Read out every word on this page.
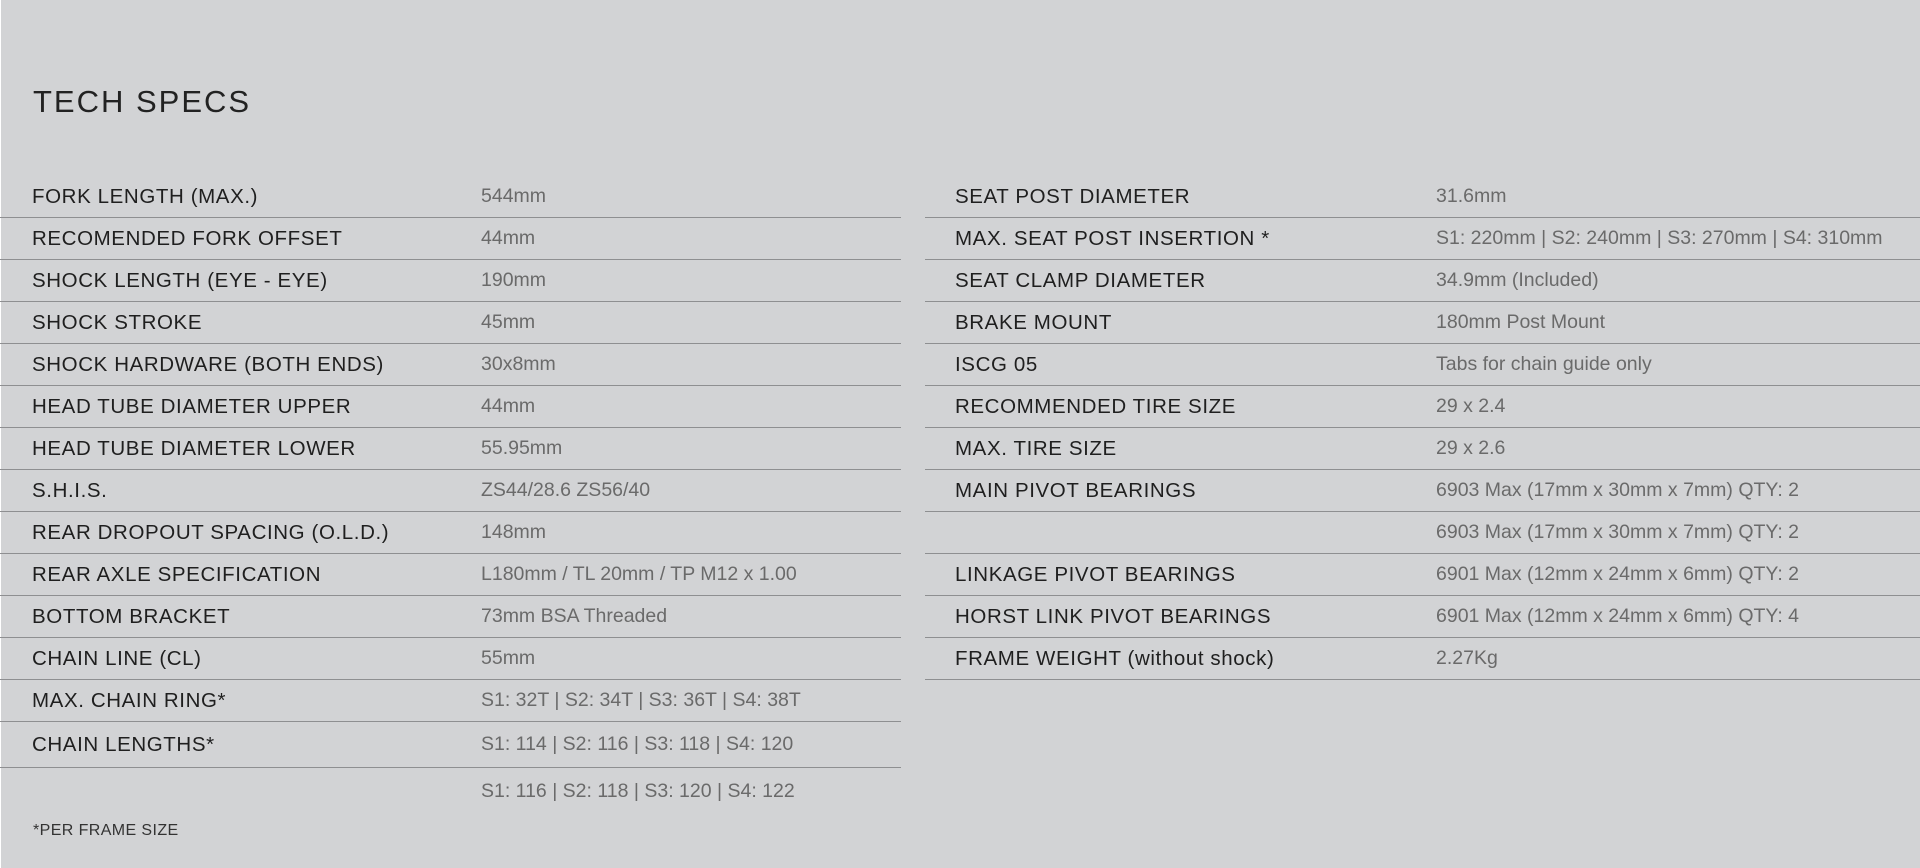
TECH SPECS
FORK LENGTH (MAX.)	544mm
RECOMENDED FORK OFFSET	44mm
SHOCK LENGTH (EYE - EYE)	190mm
SHOCK STROKE	45mm
SHOCK HARDWARE (BOTH ENDS)	30x8mm
HEAD TUBE DIAMETER UPPER	44mm
HEAD TUBE DIAMETER LOWER	55.95mm
S.H.I.S.	ZS44/28.6 ZS56/40
REAR DROPOUT SPACING (O.L.D.)	148mm
REAR AXLE SPECIFICATION	L180mm / TL 20mm / TP M12 x 1.00
BOTTOM BRACKET	73mm BSA Threaded
CHAIN LINE (CL)	55mm
MAX. CHAIN RING*	S1: 32T | S2: 34T | S3: 36T | S4: 38T
CHAIN LENGTHS*	S1: 114 | S2: 116 | S3: 118 | S4: 120
S1: 116 | S2: 118 | S3: 120 | S4: 122
SEAT POST DIAMETER	31.6mm
MAX. SEAT POST INSERTION *	S1: 220mm | S2: 240mm | S3: 270mm | S4: 310mm
SEAT CLAMP DIAMETER	34.9mm (Included)
BRAKE MOUNT	180mm Post Mount
ISCG 05	Tabs for chain guide only
RECOMMENDED TIRE SIZE	29 x 2.4
MAX. TIRE SIZE	29 x 2.6
MAIN PIVOT BEARINGS	6903 Max (17mm x 30mm x 7mm) QTY: 2
6903 Max (17mm x 30mm x 7mm) QTY: 2
LINKAGE PIVOT BEARINGS	6901 Max (12mm x 24mm x 6mm) QTY: 2
HORST LINK PIVOT BEARINGS	6901 Max (12mm x 24mm x 6mm) QTY: 4
FRAME WEIGHT (without shock)	2.27Kg
*PER FRAME SIZE
